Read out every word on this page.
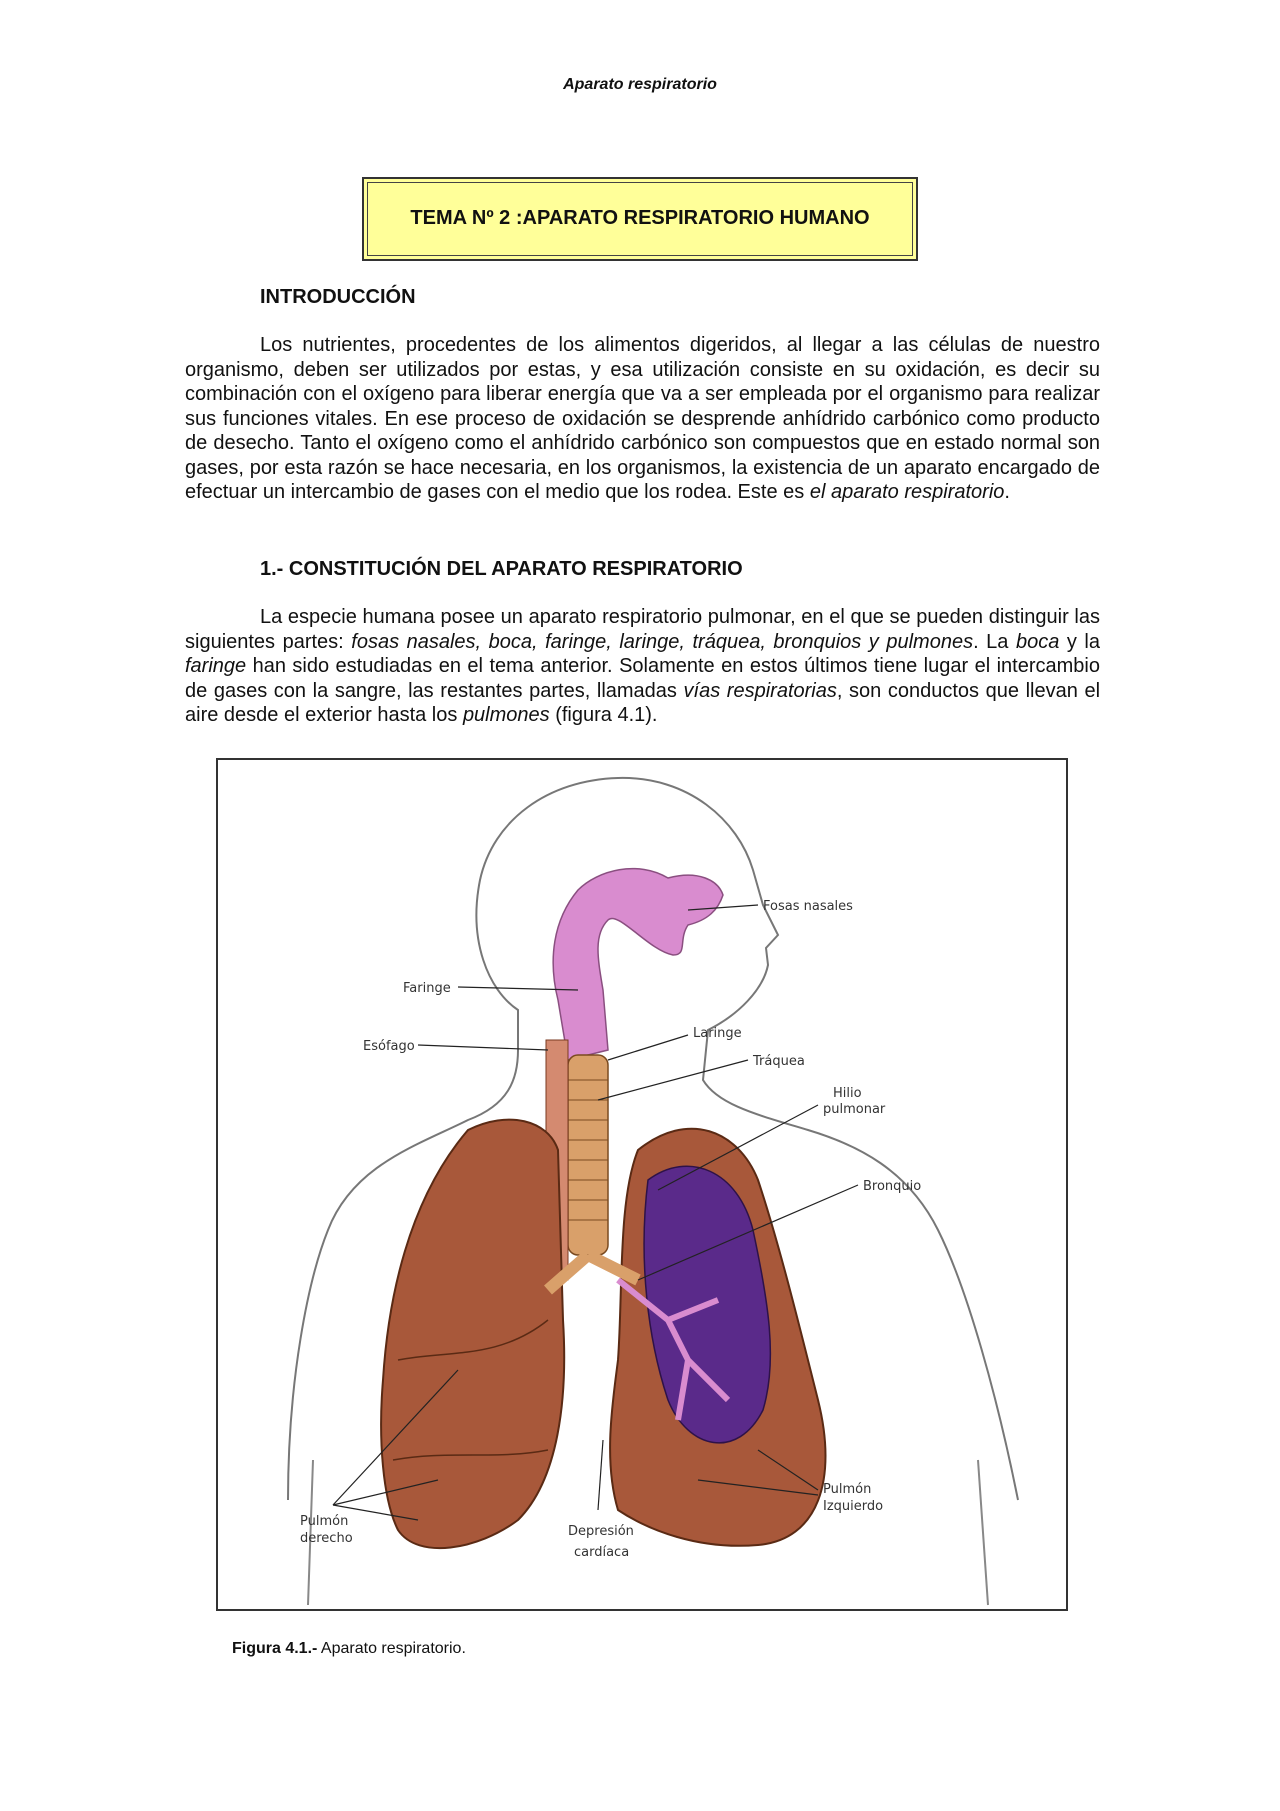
Aparato respiratorio
TEMA Nº 2 :APARATO RESPIRATORIO HUMANO
INTRODUCCIÓN
Los nutrientes, procedentes de los alimentos digeridos, al llegar a las células de nuestro organismo, deben ser utilizados por estas, y esa utilización consiste en su oxidación, es decir su combinación con el oxígeno para liberar energía que va a ser empleada por el organismo para realizar sus funciones vitales. En ese proceso de oxidación se desprende anhídrido carbónico como producto de desecho. Tanto el oxígeno como el anhídrido carbónico son compuestos que en estado normal son gases, por esta razón se hace necesaria, en los organismos, la existencia de un aparato encargado de efectuar un intercambio de gases con el medio que los rodea. Este es el aparato respiratorio.
1.- CONSTITUCIÓN DEL APARATO RESPIRATORIO
La especie humana posee un aparato respiratorio pulmonar, en el que se pueden distinguir las siguientes partes: fosas nasales, boca, faringe, laringe, tráquea, bronquios y pulmones. La boca y la faringe han sido estudiadas en el tema anterior. Solamente en estos últimos tiene lugar el intercambio de gases con la sangre, las restantes partes, llamadas vías respiratorias, son conductos que llevan el aire desde el exterior hasta los pulmones (figura 4.1).
Fosas nasales
Faringe
Esófago
Laringe
Tráquea
Hilio
pulmonar
Bronquio
Pulmón
Izquierdo
Pulmón
derecho	Depresión
cardíaca
Figura 4.1.- Aparato respiratorio.
